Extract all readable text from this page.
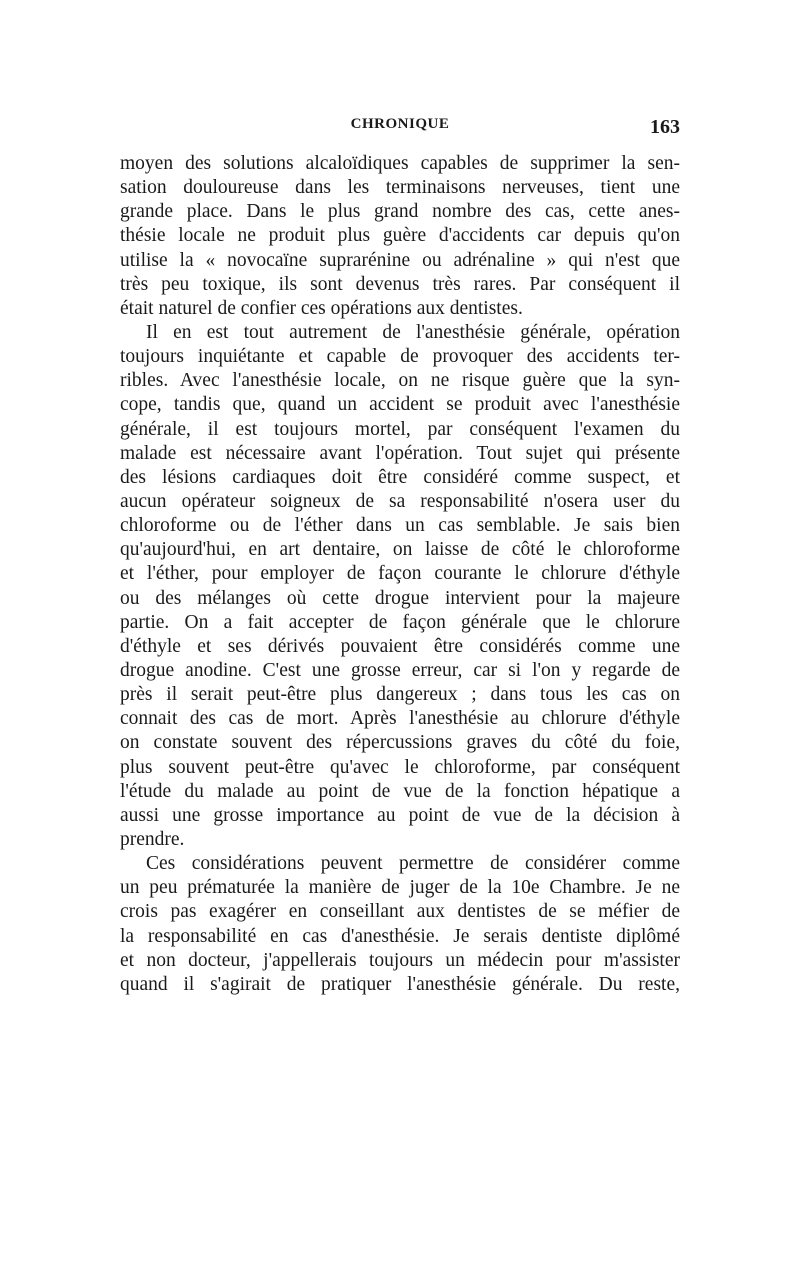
CHRONIQUE	163
moyen des solutions alcaloïdiques capables de supprimer la sen-
sation douloureuse dans les terminaisons nerveuses, tient une
grande place. Dans le plus grand nombre des cas, cette anes-
thésie locale ne produit plus guère d'accidents car depuis qu'on
utilise la « novocaïne suprarénine ou adrénaline » qui n'est que
très peu toxique, ils sont devenus très rares. Par conséquent il
était naturel de confier ces opérations aux dentistes.
Il en est tout autrement de l'anesthésie générale, opération
toujours inquiétante et capable de provoquer des accidents ter-
ribles. Avec l'anesthésie locale, on ne risque guère que la syn-
cope, tandis que, quand un accident se produit avec l'anesthésie
générale, il est toujours mortel, par conséquent l'examen du
malade est nécessaire avant l'opération. Tout sujet qui présente
des lésions cardiaques doit être considéré comme suspect, et
aucun opérateur soigneux de sa responsabilité n'osera user du
chloroforme ou de l'éther dans un cas semblable. Je sais bien
qu'aujourd'hui, en art dentaire, on laisse de côté le chloroforme
et l'éther, pour employer de façon courante le chlorure d'éthyle
ou des mélanges où cette drogue intervient pour la majeure
partie. On a fait accepter de façon générale que le chlorure
d'éthyle et ses dérivés pouvaient être considérés comme une
drogue anodine. C'est une grosse erreur, car si l'on y regarde de
près il serait peut-être plus dangereux ; dans tous les cas on
connait des cas de mort. Après l'anesthésie au chlorure d'éthyle
on constate souvent des répercussions graves du côté du foie,
plus souvent peut-être qu'avec le chloroforme, par conséquent
l'étude du malade au point de vue de la fonction hépatique a
aussi une grosse importance au point de vue de la décision à
prendre.
Ces considérations peuvent permettre de considérer comme
un peu prématurée la manière de juger de la 10e Chambre. Je ne
crois pas exagérer en conseillant aux dentistes de se méfier de
la responsabilité en cas d'anesthésie. Je serais dentiste diplômé
et non docteur, j'appellerais toujours un médecin pour m'assister
quand il s'agirait de pratiquer l'anesthésie générale. Du reste,
